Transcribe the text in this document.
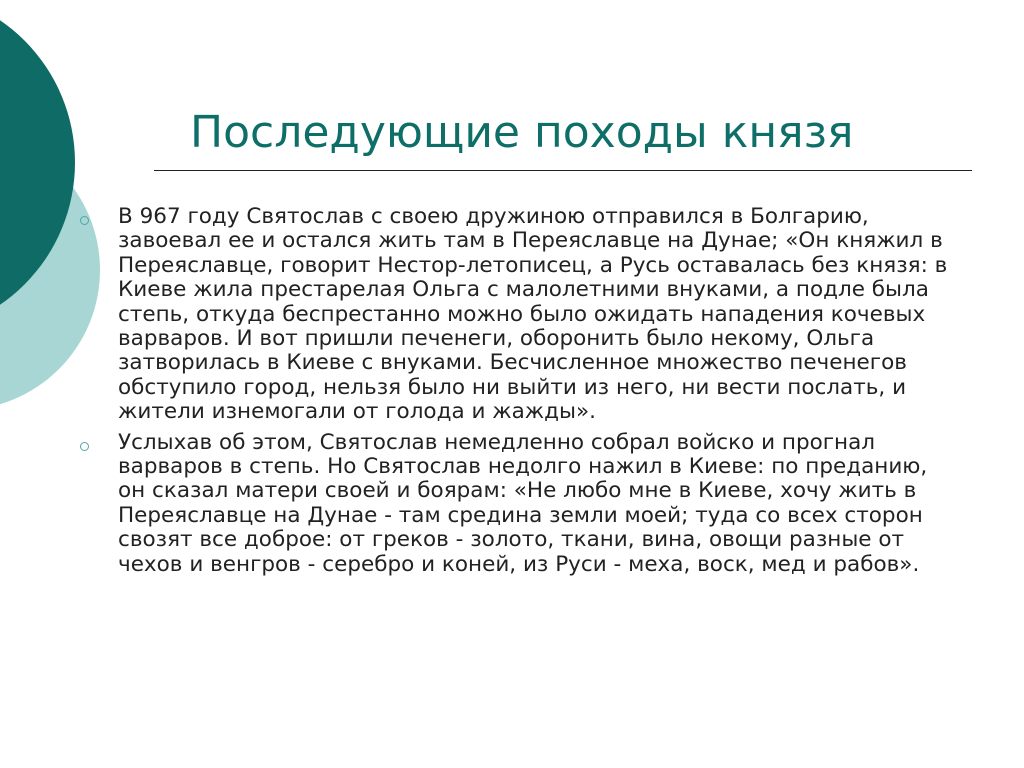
Последующие походы князя
В 967 году Святослав с своею дружиною отправился в Болгарию, завоевал ее и остался жить там в Переяславце на Дунае; «Он княжил в Переяславце, говорит Нестор-летописец, а Русь оставалась без князя: в Киеве жила престарелая Ольга с малолетними внуками, а подле была степь, откуда беспрестанно можно было ожидать нападения кочевых варваров. И вот пришли печенеги, оборонить было некому, Ольга затворилась в Киеве с внуками. Бесчисленное множество печенегов обступило город, нельзя было ни выйти из него, ни вести послать, и жители изнемогали от голода и жажды».
Услыхав об этом, Святослав немедленно собрал войско и прогнал варваров в степь. Но Святослав недолго нажил в Киеве: по преданию, он сказал матери своей и боярам: «Не любо мне в Киеве, хочу жить в Переяславце на Дунае - там средина земли моей; туда со всех сторон свозят все доброе: от греков - золото, ткани, вина, овощи разные от чехов и венгров - серебро и коней, из Руси - меха, воск, мед и рабов».
